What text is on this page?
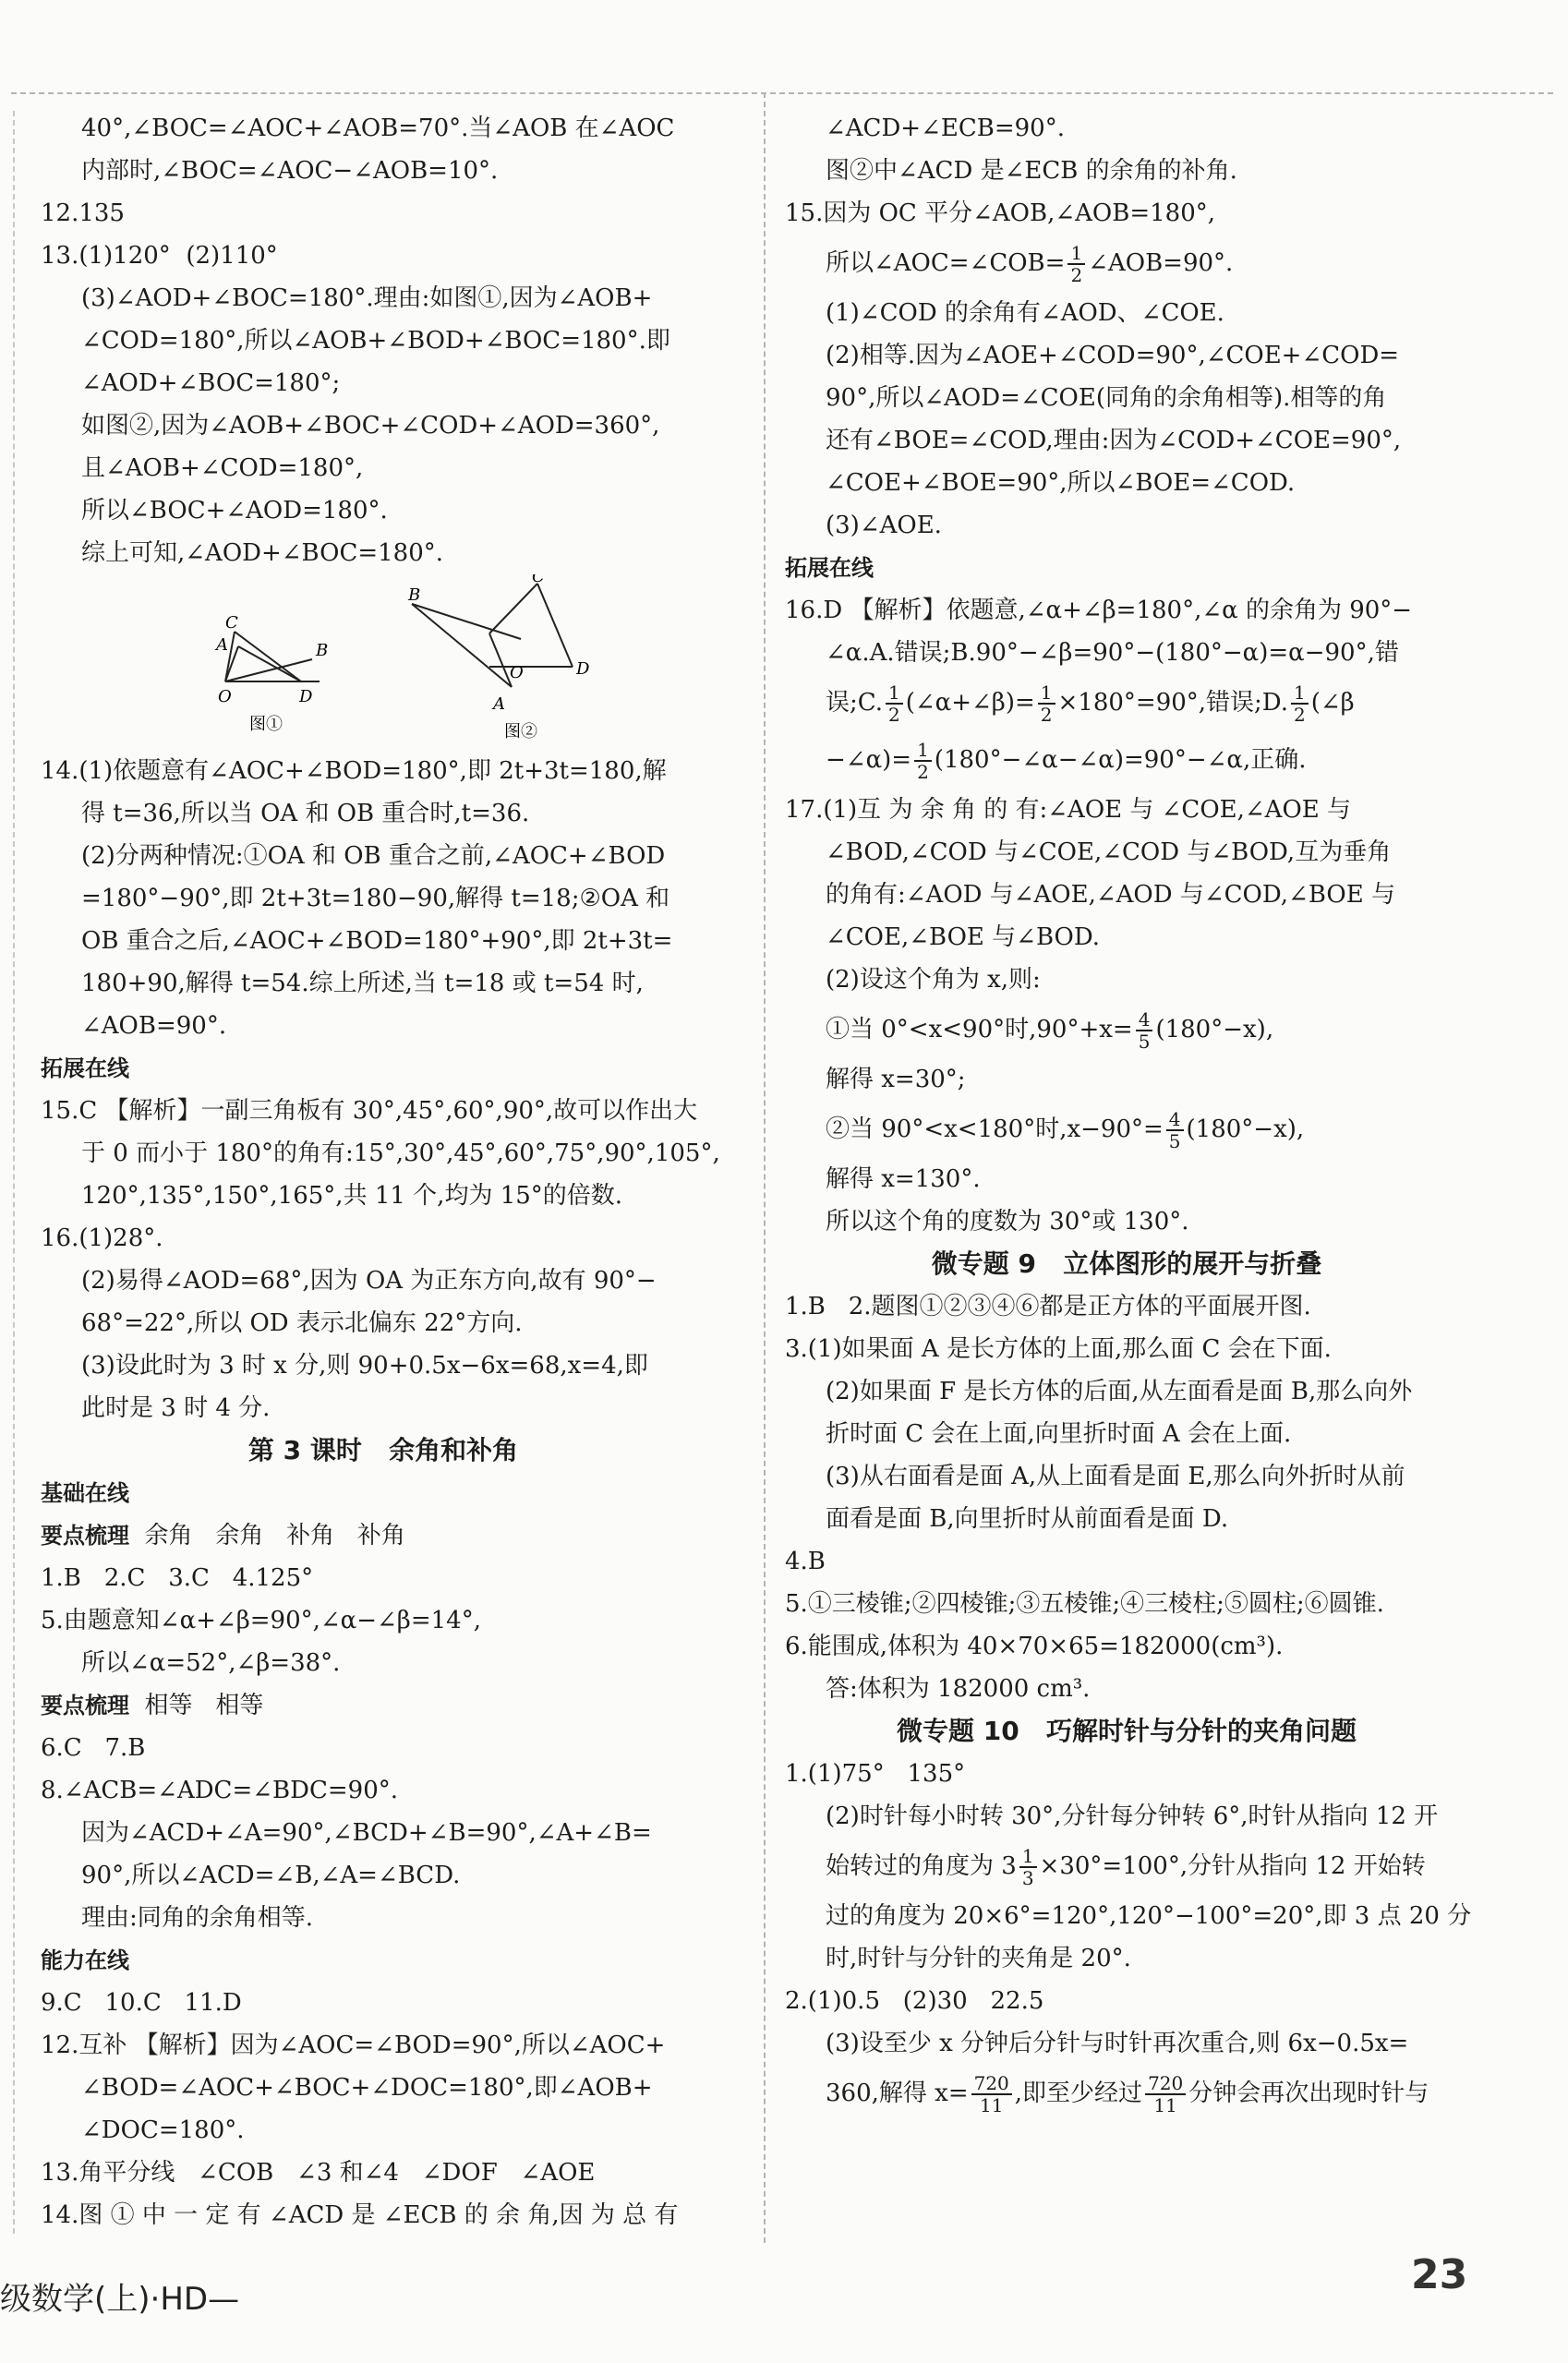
40°,∠BOC=∠AOC+∠AOB=70°.当∠AOB 在∠AOC
内部时,∠BOC=∠AOC−∠AOB=10°.
12.135
13.(1)120°  (2)110°
(3)∠AOD+∠BOC=180°.理由:如图①,因为∠AOB+
∠COD=180°,所以∠AOB+∠BOD+∠BOC=180°.即
∠AOD+∠BOC=180°;
如图②,因为∠AOB+∠BOC+∠COD+∠AOD=360°,
且∠AOB+∠COD=180°,
所以∠BOC+∠AOD=180°.
综上可知,∠AOD+∠BOC=180°.
C
A	B
O	D
图①
B
C
D
O
A
图②
14.(1)依题意有∠AOC+∠BOD=180°,即 2t+3t=180,解
得 t=36,所以当 OA 和 OB 重合时,t=36.
(2)分两种情况:①OA 和 OB 重合之前,∠AOC+∠BOD
=180°−90°,即 2t+3t=180−90,解得 t=18;②OA 和
OB 重合之后,∠AOC+∠BOD=180°+90°,即 2t+3t=
180+90,解得 t=54.综上所述,当 t=18 或 t=54 时,
∠AOB=90°.
拓展在线
15.C 【解析】一副三角板有 30°,45°,60°,90°,故可以作出大
于 0 而小于 180°的角有:15°,30°,45°,60°,75°,90°,105°,
120°,135°,150°,165°,共 11 个,均为 15°的倍数.
16.(1)28°.
(2)易得∠AOD=68°,因为 OA 为正东方向,故有 90°−
68°=22°,所以 OD 表示北偏东 22°方向.
(3)设此时为 3 时 x 分,则 90+0.5x−6x=68,x=4,即
此时是 3 时 4 分.
第 3 课时   余角和补角
基础在线
要点梳理  余角   余角   补角   补角
1.B   2.C   3.C   4.125°
5.由题意知∠α+∠β=90°,∠α−∠β=14°,
所以∠α=52°,∠β=38°.
要点梳理  相等   相等
6.C   7.B
8.∠ACB=∠ADC=∠BDC=90°.
因为∠ACD+∠A=90°,∠BCD+∠B=90°,∠A+∠B=
90°,所以∠ACD=∠B,∠A=∠BCD.
理由:同角的余角相等.
能力在线
9.C   10.C   11.D
12.互补 【解析】因为∠AOC=∠BOD=90°,所以∠AOC+
∠BOD=∠AOC+∠BOC+∠DOC=180°,即∠AOB+
∠DOC=180°.
13.角平分线   ∠COB   ∠3 和∠4   ∠DOF   ∠AOE
14.图 ① 中 一 定 有 ∠ACD 是 ∠ECB 的 余 角,因 为 总 有
∠ACD+∠ECB=90°.
图②中∠ACD 是∠ECB 的余角的补角.
15.因为 OC 平分∠AOB,∠AOB=180°,
所以∠AOC=∠COB= $\frac{1}{2}$ ∠AOB=90°.
(1)∠COD 的余角有∠AOD、∠COE.
(2)相等.因为∠AOE+∠COD=90°,∠COE+∠COD=
90°,所以∠AOD=∠COE(同角的余角相等).相等的角
还有∠BOE=∠COD,理由:因为∠COD+∠COE=90°,
∠COE+∠BOE=90°,所以∠BOE=∠COD.
(3)∠AOE.
拓展在线
16.D 【解析】依题意,∠α+∠β=180°,∠α 的余角为 90°−
∠α.A.错误;B.90°−∠β=90°−(180°−α)=α−90°,错
误;C. $\frac{1}{2}$ (∠α+∠β)= $\frac{1}{2} \times 180^\circ=90^\circ$,错误;D. $\frac{1}{2}$ (∠β
−∠α)= $\frac{1}{2}$ (180°−∠α−∠α)=90°−∠α,正确.
17.(1)互 为 余 角 的 有:∠AOE 与 ∠COE,∠AOE 与
∠BOD,∠COD 与∠COE,∠COD 与∠BOD,互为垂角
的角有:∠AOD 与∠AOE,∠AOD 与∠COD,∠BOE 与
∠COE,∠BOE 与∠BOD.
(2)设这个角为 x,则:
①当 0°<x<90°时$,90^\circ+x= \frac{4}{5} (180^\circ-x)$,
解得 x=30°;
②当 90°<x<180°时$,x-90^\circ= \frac{4}{5} (180^\circ-x)$,
解得 x=130°.
所以这个角的度数为 30°或 130°.
微专题 9   立体图形的展开与折叠
1.B   2.题图①②③④⑥都是正方体的平面展开图.
3.(1)如果面 A 是长方体的上面,那么面 C 会在下面.
(2)如果面 F 是长方体的后面,从左面看是面 B,那么向外
折时面 C 会在上面,向里折时面 A 会在上面.
(3)从右面看是面 A,从上面看是面 E,那么向外折时从前
面看是面 B,向里折时从前面看是面 D.
4.B
5.①三棱锥;②四棱锥;③五棱锥;④三棱柱;⑤圆柱;⑥圆锥.
6.能围成,体积为 40×70×65=182000(cm³).
答:体积为 182000 cm³.
微专题 10   巧解时针与分针的夹角问题
1.(1)75°   135°
(2)时针每小时转 30°,分针每分钟转 6°,时针从指向 12 开
始转过的角度为 $3 \frac{1}{3} \times 30^\circ=100^\circ$,分针从指向 12 开始转
过的角度为 20×6°=120°,120°−100°=20°,即 3 点 20 分
时,时针与分针的夹角是 20°.
2.(1)0.5   (2)30   22.5
(3)设至少 x 分钟后分针与时针再次重合,则 6x−0.5x=
360,解得 $x= \frac{720}{11}$ ,即至少经过 $\frac{720}{11}$ 分钟会再次出现时针与
级数学(上)·HD—
23
